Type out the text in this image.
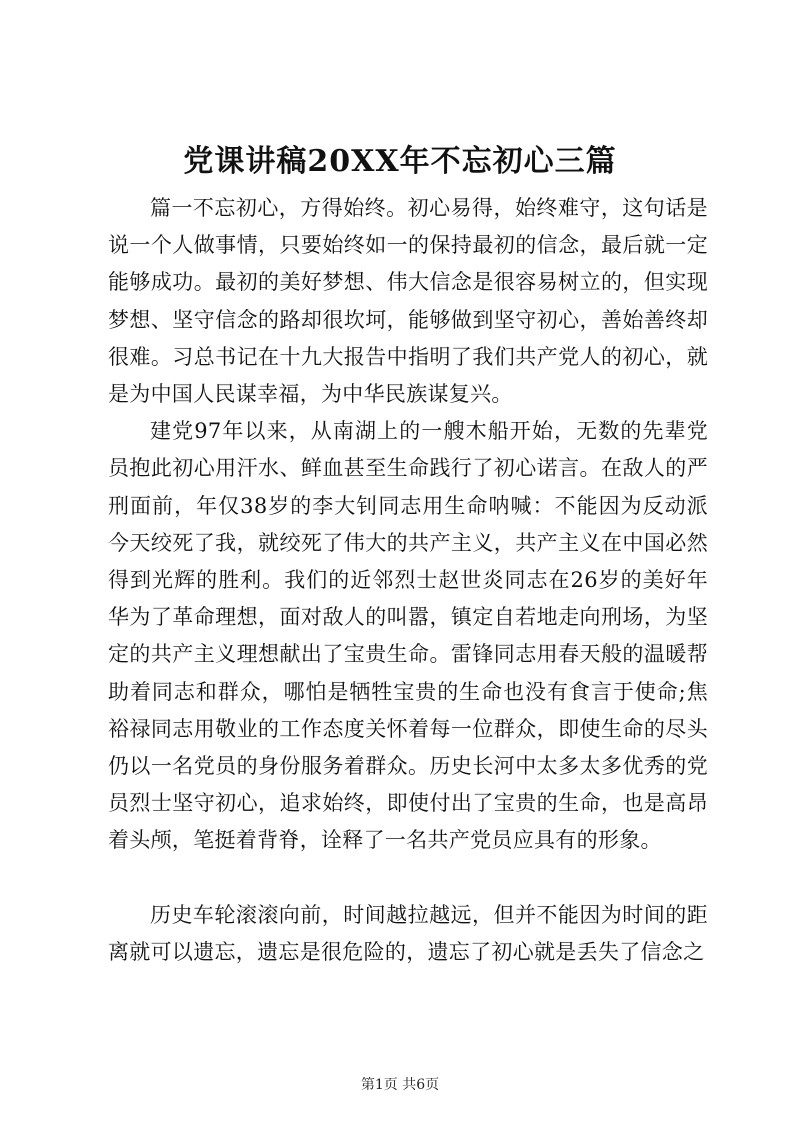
党课讲稿20XX年不忘初心三篇

篇一不忘初心，方得始终。初心易得，始终难守，这句话是说一个人做事情，只要始终如一的保持最初的信念，最后就一定能够成功。最初的美好梦想、伟大信念是很容易树立的，但实现梦想、坚守信念的路却很坎坷，能够做到坚守初心，善始善终却很难。习总书记在十九大报告中指明了我们共产党人的初心，就是为中国人民谋幸福，为中华民族谋复兴。

建党97年以来，从南湖上的一艘木船开始，无数的先辈党员抱此初心用汗水、鲜血甚至生命践行了初心诺言。在敌人的严刑面前，年仅38岁的李大钊同志用生命呐喊：不能因为反动派今天绞死了我，就绞死了伟大的共产主义，共产主义在中国必然得到光辉的胜利。我们的近邻烈士赵世炎同志在26岁的美好年华为了革命理想，面对敌人的叫嚣，镇定自若地走向刑场，为坚定的共产主义理想献出了宝贵生命。雷锋同志用春天般的温暖帮助着同志和群众，哪怕是牺牲宝贵的生命也没有食言于使命;焦裕禄同志用敬业的工作态度关怀着每一位群众，即使生命的尽头仍以一名党员的身份服务着群众。历史长河中太多太多优秀的党员烈士坚守初心，追求始终，即使付出了宝贵的生命，也是高昂着头颅，笔挺着背脊，诠释了一名共产党员应具有的形象。

历史车轮滚滚向前，时间越拉越远，但并不能因为时间的距离就可以遗忘，遗忘是很危险的，遗忘了初心就是丢失了信念之

第1页 共6页
